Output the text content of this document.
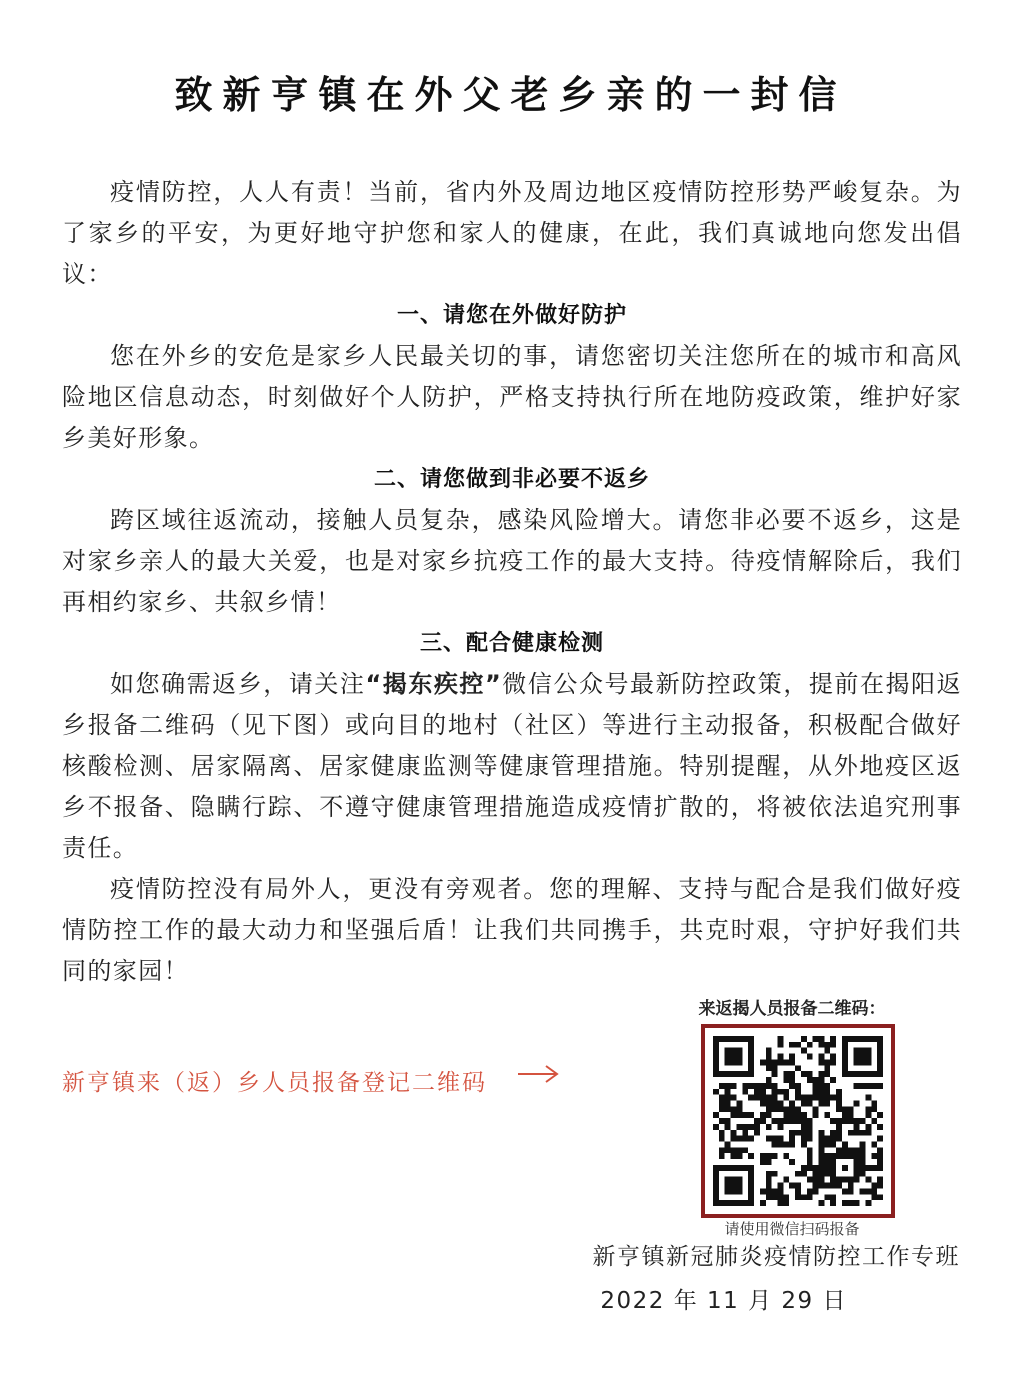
致新亨镇在外父老乡亲的一封信

疫情防控，人人有责！当前，省内外及周边地区疫情防控形势严峻复杂。为了家乡的平安，为更好地守护您和家人的健康，在此，我们真诚地向您发出倡议：

一、请您在外做好防护

您在外乡的安危是家乡人民最关切的事，请您密切关注您所在的城市和高风险地区信息动态，时刻做好个人防护，严格支持执行所在地防疫政策，维护好家乡美好形象。

二、请您做到非必要不返乡

跨区域往返流动，接触人员复杂，感染风险增大。请您非必要不返乡，这是对家乡亲人的最大关爱，也是对家乡抗疫工作的最大支持。待疫情解除后，我们再相约家乡、共叙乡情！

三、配合健康检测

如您确需返乡，请关注“揭东疾控”微信公众号最新防控政策，提前在揭阳返乡报备二维码（见下图）或向目的地村（社区）等进行主动报备，积极配合做好核酸检测、居家隔离、居家健康监测等健康管理措施。特别提醒，从外地疫区返乡不报备、隐瞒行踪、不遵守健康管理措施造成疫情扩散的，将被依法追究刑事责任。

疫情防控没有局外人，更没有旁观者。您的理解、支持与配合是我们做好疫情防控工作的最大动力和坚强后盾！让我们共同携手，共克时艰，守护好我们共同的家园！

来返揭人员报备二维码：
请使用微信扫码报备
新亨镇来（返）乡人员报备登记二维码
新亨镇新冠肺炎疫情防控工作专班
2022 年 11 月 29 日
